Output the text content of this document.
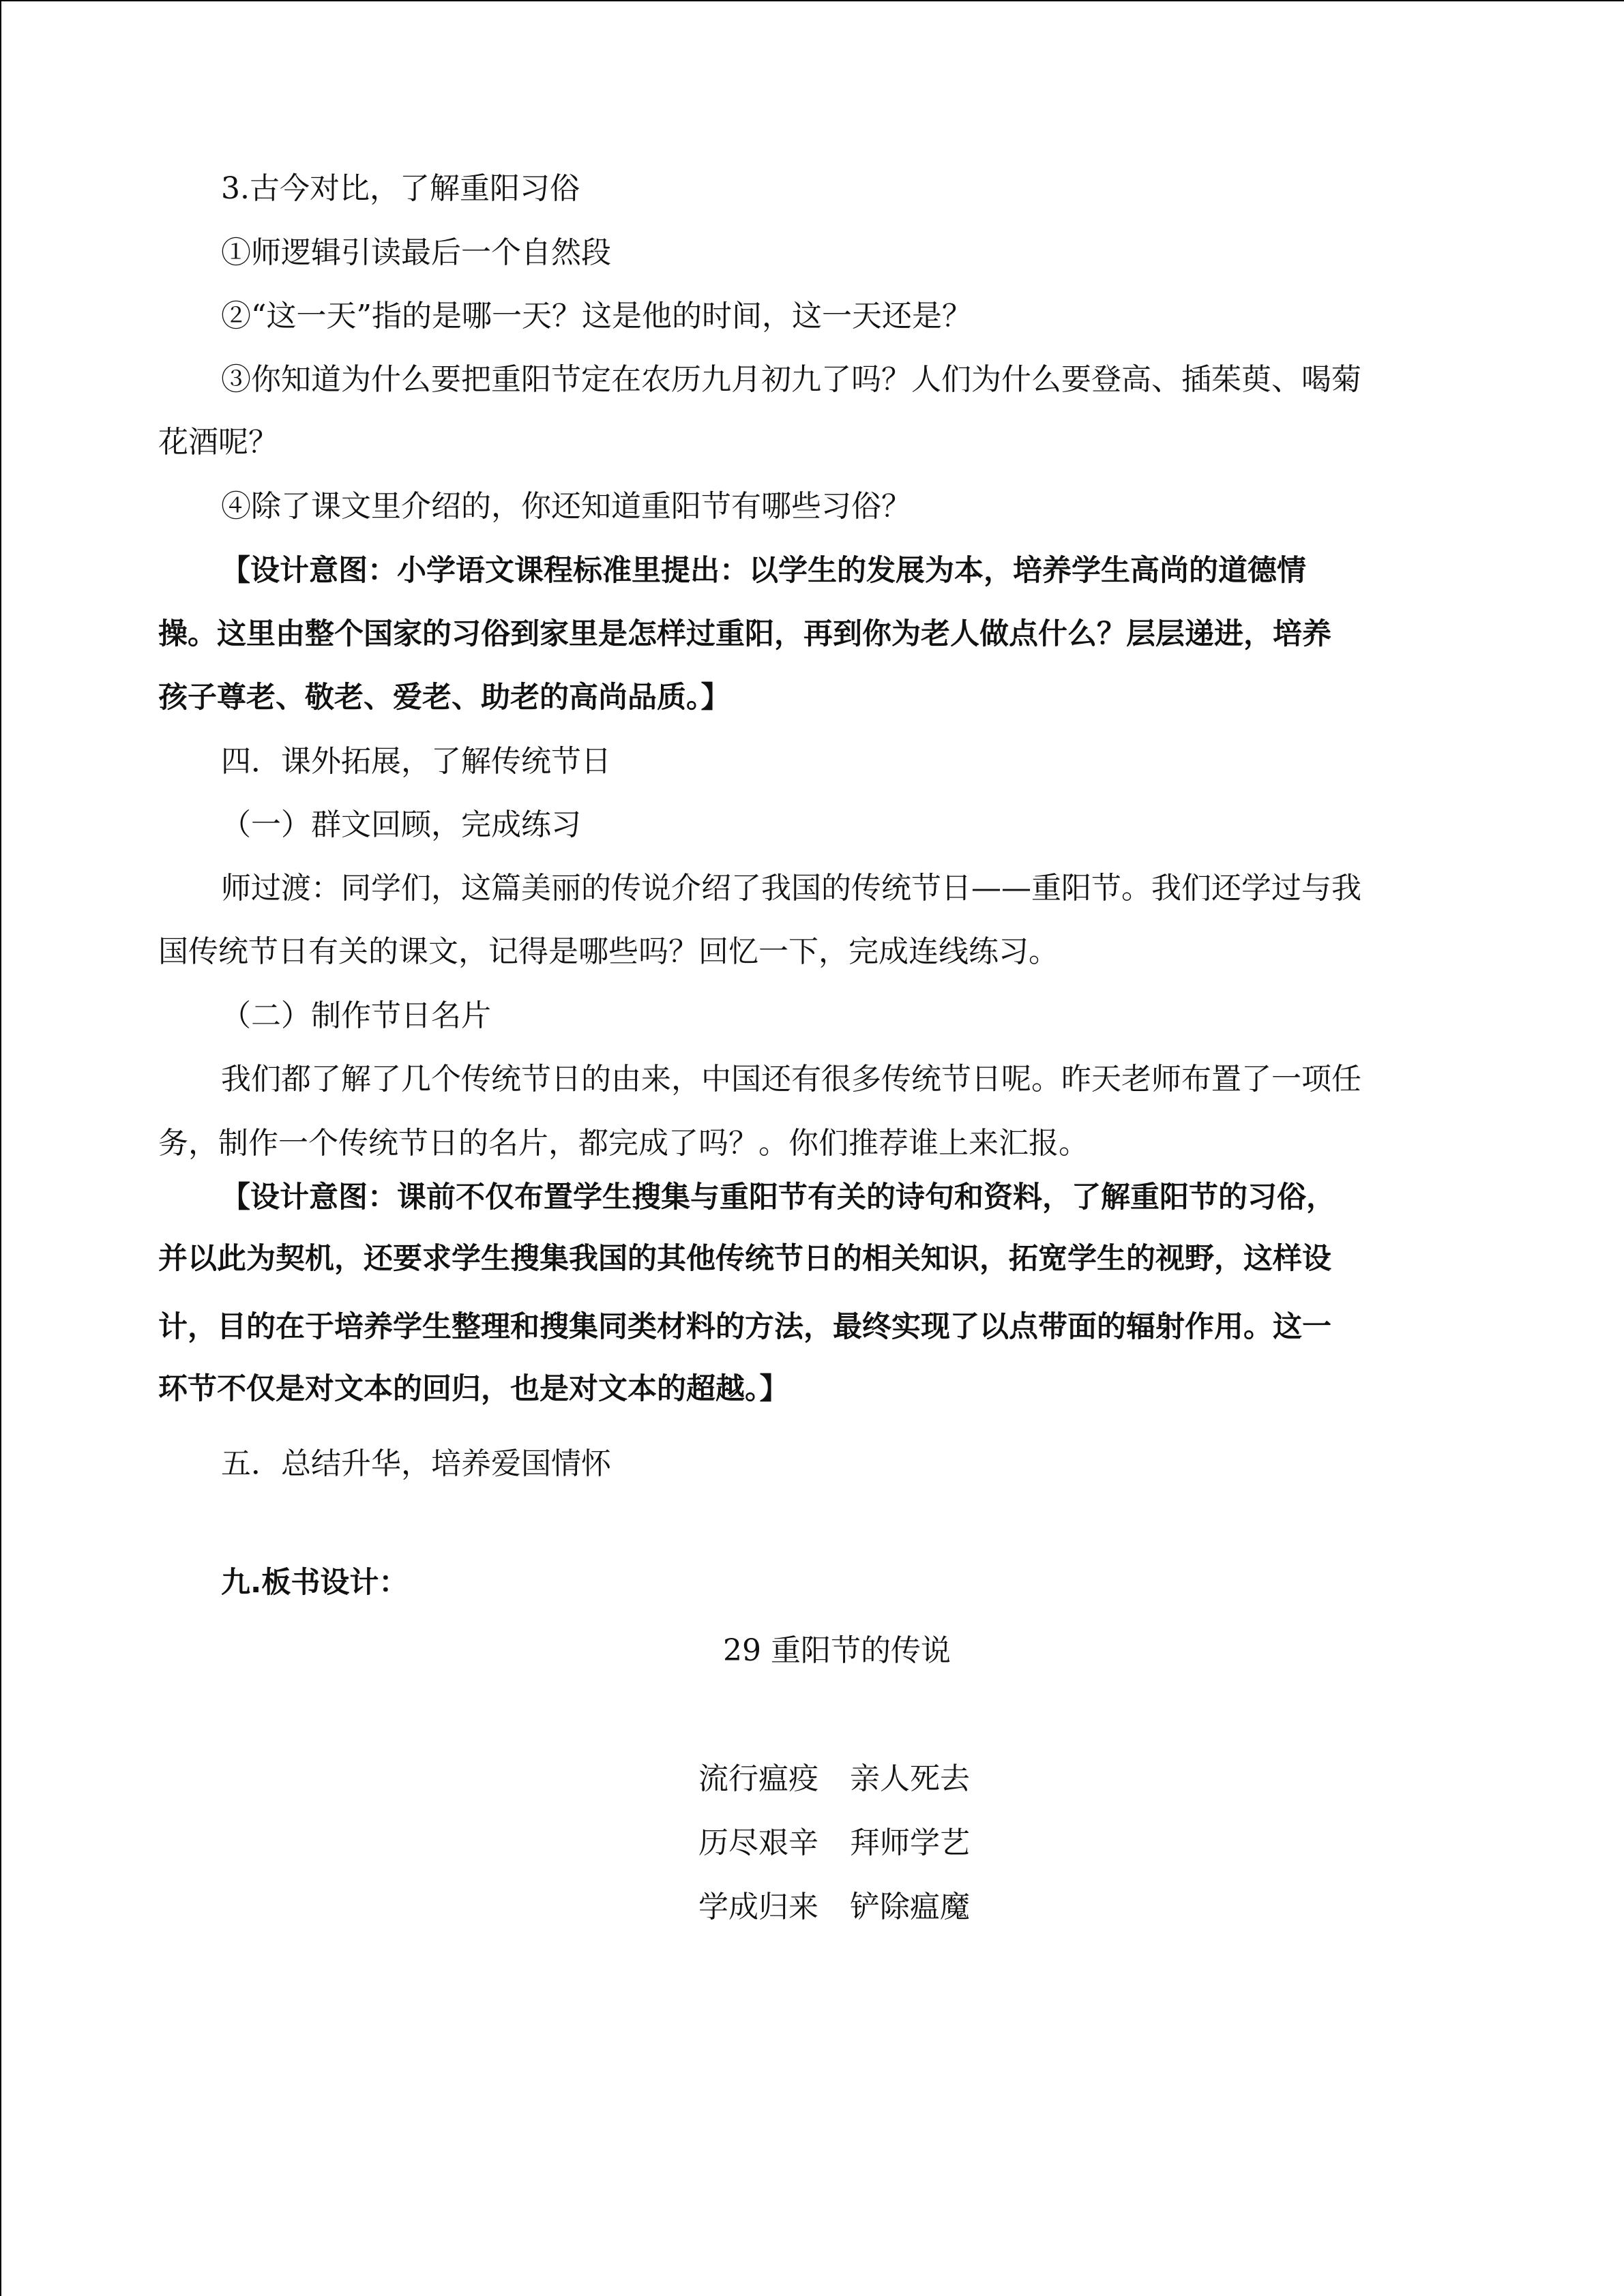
3.古今对比，了解重阳习俗
①师逻辑引读最后一个自然段
②“这一天”指的是哪一天？这是他的时间，这一天还是？
③你知道为什么要把重阳节定在农历九月初九了吗？人们为什么要登高、插茱萸、喝菊
花酒呢？
④除了课文里介绍的，你还知道重阳节有哪些习俗？
【设计意图：小学语文课程标准里提出：以学生的发展为本，培养学生高尚的道德情
操。这里由整个国家的习俗到家里是怎样过重阳，再到你为老人做点什么？层层递进，培养
孩子尊老、敬老、爱老、助老的高尚品质。】
四．课外拓展，了解传统节日
（一）群文回顾，完成练习
师过渡：同学们，这篇美丽的传说介绍了我国的传统节日——重阳节。我们还学过与我
国传统节日有关的课文，记得是哪些吗？回忆一下，完成连线练习。
（二）制作节日名片
我们都了解了几个传统节日的由来，中国还有很多传统节日呢。昨天老师布置了一项任
务，制作一个传统节日的名片，都完成了吗？。你们推荐谁上来汇报。
【设计意图：课前不仅布置学生搜集与重阳节有关的诗句和资料，了解重阳节的习俗，
并以此为契机，还要求学生搜集我国的其他传统节日的相关知识，拓宽学生的视野，这样设
计，目的在于培养学生整理和搜集同类材料的方法，最终实现了以点带面的辐射作用。这一
环节不仅是对文本的回归，也是对文本的超越。】
五．总结升华，培养爱国情怀
九.板书设计：
29 重阳节的传说
流行瘟疫 亲人死去
历尽艰辛 拜师学艺
学成归来 铲除瘟魔
